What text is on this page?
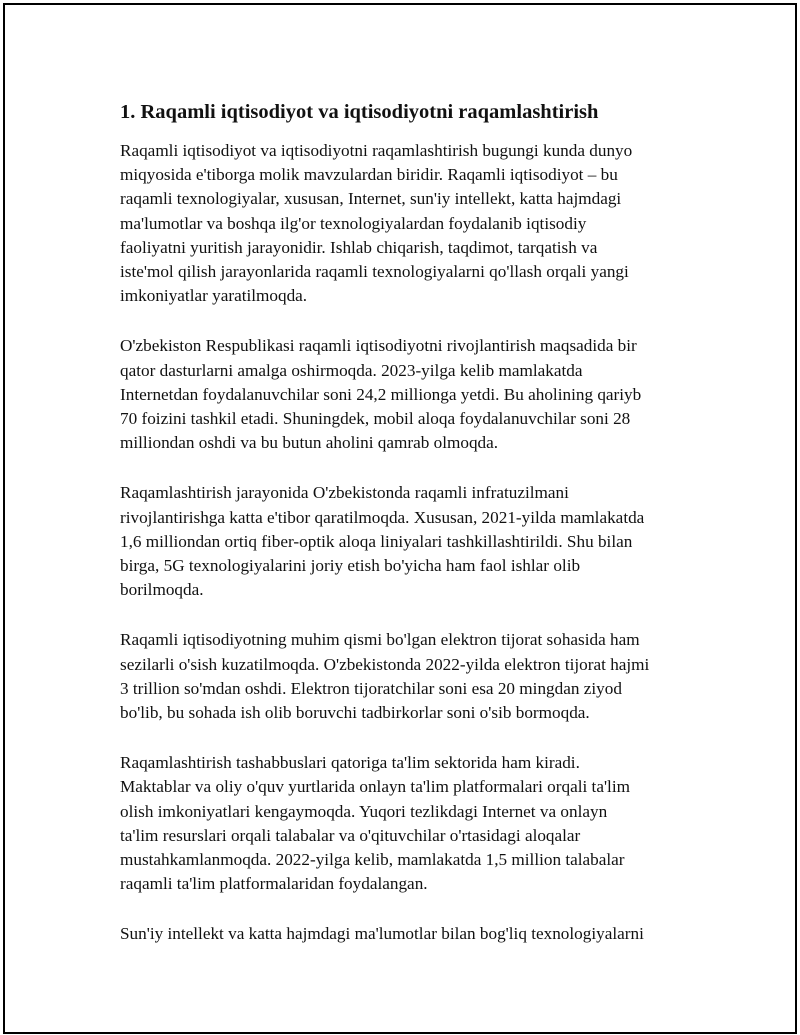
1. Raqamli iqtisodiyot va iqtisodiyotni raqamlashtirish

Raqamli iqtisodiyot va iqtisodiyotni raqamlashtirish bugungi kunda dunyo
miqyosida e'tiborga molik mavzulardan biridir. Raqamli iqtisodiyot – bu
raqamli texnologiyalar, xususan, Internet, sun'iy intellekt, katta hajmdagi
ma'lumotlar va boshqa ilg'or texnologiyalardan foydalanib iqtisodiy
faoliyatni yuritish jarayonidir. Ishlab chiqarish, taqdimot, tarqatish va
iste'mol qilish jarayonlarida raqamli texnologiyalarni qo'llash orqali yangi
imkoniyatlar yaratilmoqda.

O'zbekiston Respublikasi raqamli iqtisodiyotni rivojlantirish maqsadida bir
qator dasturlarni amalga oshirmoqda. 2023-yilga kelib mamlakatda
Internetdan foydalanuvchilar soni 24,2 millionga yetdi. Bu aholining qariyb
70 foizini tashkil etadi. Shuningdek, mobil aloqa foydalanuvchilar soni 28
milliondan oshdi va bu butun aholini qamrab olmoqda.

Raqamlashtirish jarayonida O'zbekistonda raqamli infratuzilmani
rivojlantirishga katta e'tibor qaratilmoqda. Xususan, 2021-yilda mamlakatda
1,6 milliondan ortiq fiber-optik aloqa liniyalari tashkillashtirildi. Shu bilan
birga, 5G texnologiyalarini joriy etish bo'yicha ham faol ishlar olib
borilmoqda.

Raqamli iqtisodiyotning muhim qismi bo'lgan elektron tijorat sohasida ham
sezilarli o'sish kuzatilmoqda. O'zbekistonda 2022-yilda elektron tijorat hajmi
3 trillion so'mdan oshdi. Elektron tijoratchilar soni esa 20 mingdan ziyod
bo'lib, bu sohada ish olib boruvchi tadbirkorlar soni o'sib bormoqda.

Raqamlashtirish tashabbuslari qatoriga ta'lim sektorida ham kiradi.
Maktablar va oliy o'quv yurtlarida onlayn ta'lim platformalari orqali ta'lim
olish imkoniyatlari kengaymoqda. Yuqori tezlikdagi Internet va onlayn
ta'lim resurslari orqali talabalar va o'qituvchilar o'rtasidagi aloqalar
mustahkamlanmoqda. 2022-yilga kelib, mamlakatda 1,5 million talabalar
raqamli ta'lim platformalaridan foydalangan.

Sun'iy intellekt va katta hajmdagi ma'lumotlar bilan bog'liq texnologiyalarni
